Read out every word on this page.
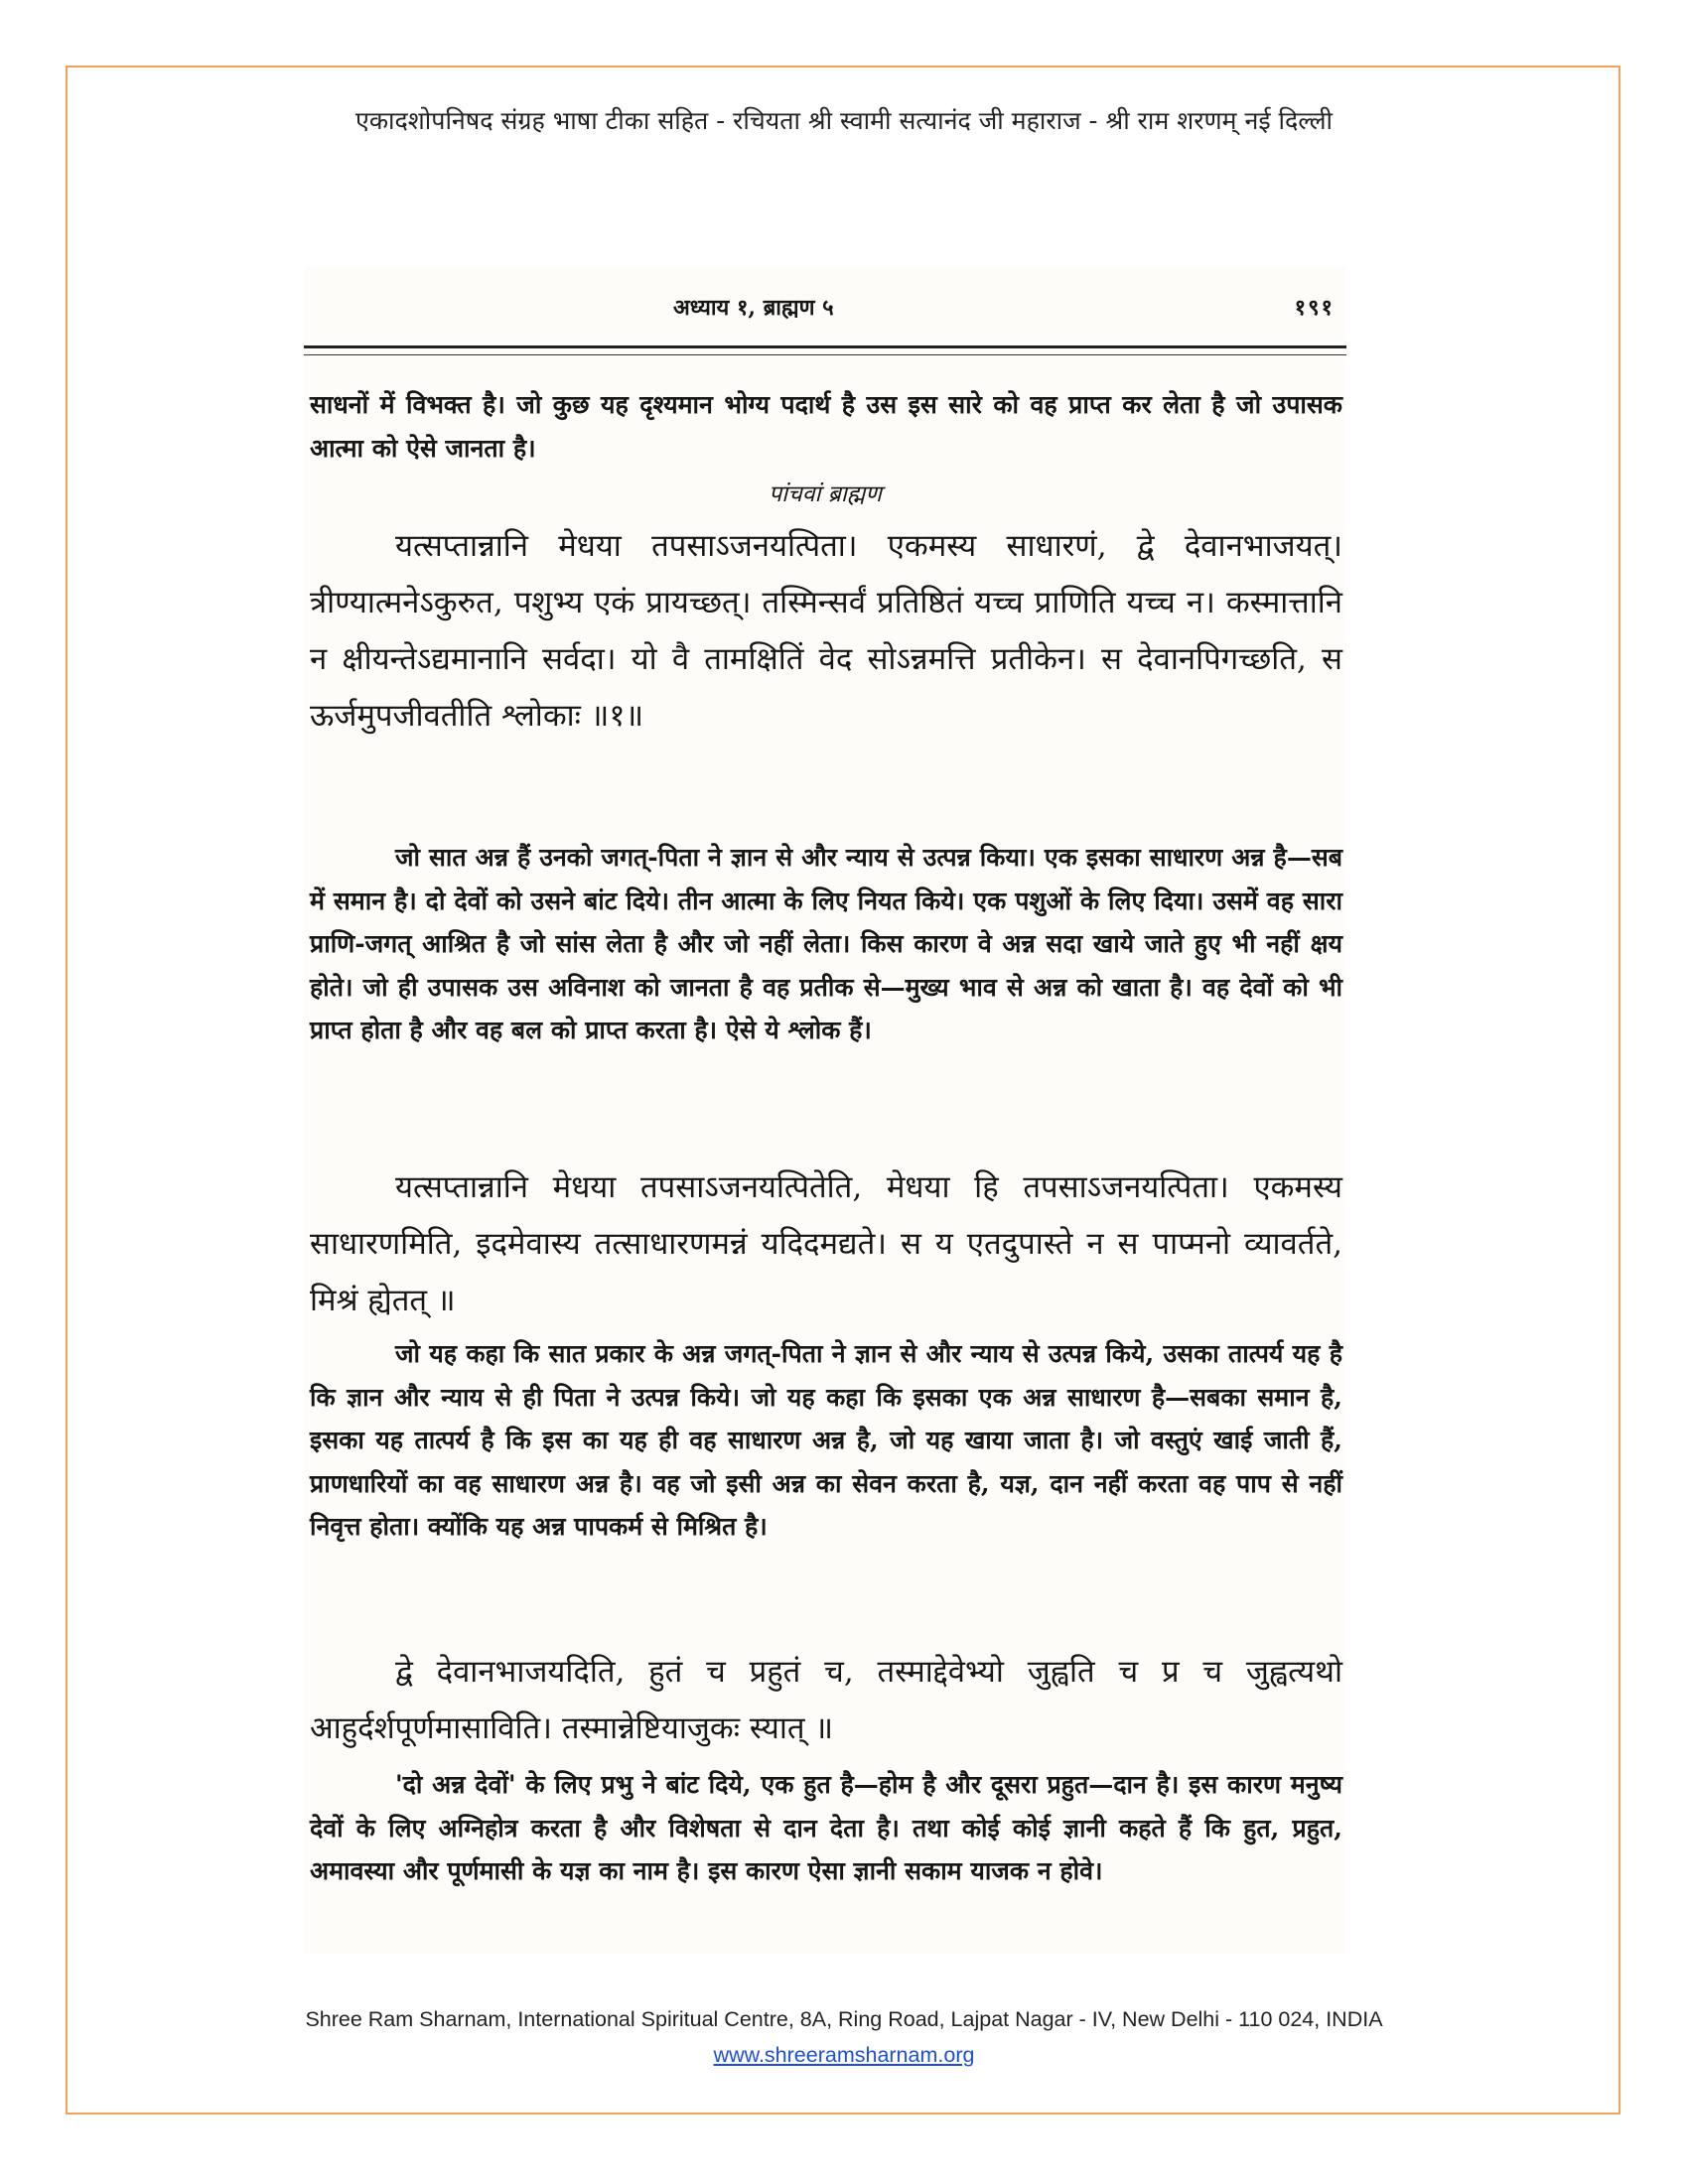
एकादशोपनिषद संग्रह भाषा टीका सहित - रचियता श्री स्वामी सत्यानंद जी महाराज - श्री राम शरणम् नई दिल्ली
अध्याय १, ब्राह्मण ५	१९१

साधनों में विभक्त है। जो कुछ यह दृश्यमान भोग्य पदार्थ है उस इस सारे को वह प्राप्त कर लेता है जो उपासक आत्मा को ऐसे जानता है।

पांचवां ब्राह्मण

यत्सप्तान्नानि मेधया तपसाऽजनयत्पिता। एकमस्य साधारणं, द्वे देवानभाजयत्। त्रीण्यात्मनेऽकुरुत, पशुभ्य एकं प्रायच्छत्। तस्मिन्सर्वं प्रतिष्ठितं यच्च प्राणिति यच्च न। कस्मात्तानि न क्षीयन्तेऽद्यमानानि सर्वदा। यो वै तामक्षितिं वेद सोऽन्नमत्ति प्रतीकेन। स देवानपिगच्छति, स ऊर्जमुपजीवतीति श्लोकाः ॥१॥

जो सात अन्न हैं उनको जगत्-पिता ने ज्ञान से और न्याय से उत्पन्न किया। एक इसका साधारण अन्न है—सब में समान है। दो देवों को उसने बांट दिये। तीन आत्मा के लिए नियत किये। एक पशुओं के लिए दिया। उसमें वह सारा प्राणि-जगत् आश्रित है जो सांस लेता है और जो नहीं लेता। किस कारण वे अन्न सदा खाये जाते हुए भी नहीं क्षय होते। जो ही उपासक उस अविनाश को जानता है वह प्रतीक से—मुख्य भाव से अन्न को खाता है। वह देवों को भी प्राप्त होता है और वह बल को प्राप्त करता है। ऐसे ये श्लोक हैं।

यत्सप्तान्नानि मेधया तपसाऽजनयत्पितेति, मेधया हि तपसाऽजनयत्पिता। एकमस्य साधारणमिति, इदमेवास्य तत्साधारणमन्नं यदिदमद्यते। स य एतदुपास्ते न स पाप्मनो व्यावर्तते, मिश्रं ह्येतत् ॥

जो यह कहा कि सात प्रकार के अन्न जगत्-पिता ने ज्ञान से और न्याय से उत्पन्न किये, उसका तात्पर्य यह है कि ज्ञान और न्याय से ही पिता ने उत्पन्न किये। जो यह कहा कि इसका एक अन्न साधारण है—सबका समान है, इसका यह तात्पर्य है कि इस का यह ही वह साधारण अन्न है, जो यह खाया जाता है। जो वस्तुएं खाई जाती हैं, प्राणधारियों का वह साधारण अन्न है। वह जो इसी अन्न का सेवन करता है, यज्ञ, दान नहीं करता वह पाप से नहीं निवृत्त होता। क्योंकि यह अन्न पापकर्म से मिश्रित है।

द्वे देवानभाजयदिति, हुतं च प्रहुतं च, तस्माद्देवेभ्यो जुह्वति च प्र च जुह्वत्यथो आहुर्दर्शपूर्णमासाविति। तस्मान्नेष्टियाजुकः स्यात् ॥

'दो अन्न देवों' के लिए प्रभु ने बांट दिये, एक हुत है—होम है और दूसरा प्रहुत—दान है। इस कारण मनुष्य देवों के लिए अग्निहोत्र करता है और विशेषता से दान देता है। तथा कोई कोई ज्ञानी कहते हैं कि हुत, प्रहुत, अमावस्या और पूर्णमासी के यज्ञ का नाम है। इस कारण ऐसा ज्ञानी सकाम याजक न होवे।

Shree Ram Sharnam, International Spiritual Centre, 8A, Ring Road, Lajpat Nagar - IV, New Delhi - 110 024, INDIA
www.shreeramsharnam.org
